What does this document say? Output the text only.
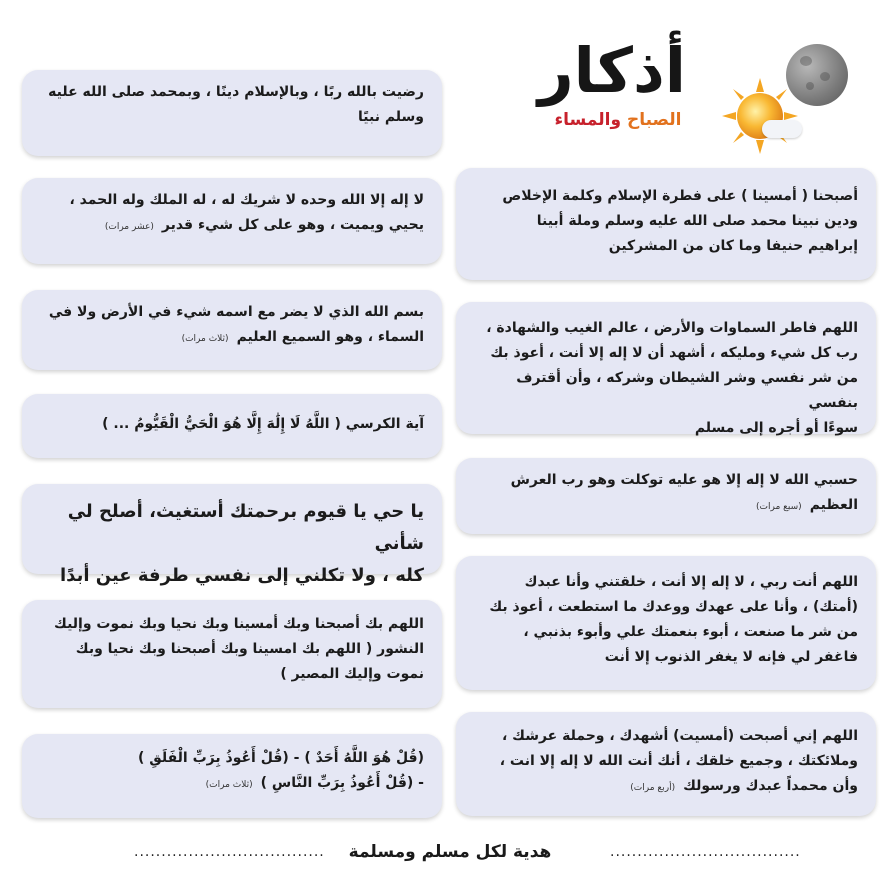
أذكار
الصباح والمساء
رضيت بالله ربًا ، وبالإسلام دينًا ، وبمحمد صلى الله عليه
وسلم نبيًا
لا إله إلا الله وحده لا شريك له ، له الملك وله الحمد ،
يحيي ويميت ، وهو على كل شيء قدير(عشر مرات)
بسم الله الذي لا يضر مع اسمه شيء في الأرض ولا في
السماء ، وهو السميع العليم(ثلاث مرات)
آية الكرسي ( اللَّهُ لَا إِلَٰهَ إِلَّا هُوَ الْحَيُّ الْقَيُّومُ ... )
يا حي يا قيوم برحمتك أستغيث، أصلح لي شأني
كله ، ولا تكلني إلى نفسي طرفة عين أبدًا
اللهم بك أصبحنا وبك أمسينا وبك نحيا وبك نموت وإليك
النشور ( اللهم بك امسينا وبك أصبحنا وبك نحيا وبك
نموت وإليك المصير )
(قُلْ هُوَ اللَّهُ أَحَدٌ ) - (قُلْ أَعُوذُ بِرَبِّ الْفَلَقِ )
- (قُلْ أَعُوذُ بِرَبِّ النَّاسِ )(ثلاث مرات)
أصبحنا ( أمسينا ) على فطرة الإسلام وكلمة الإخلاص
ودين نبينا محمد صلى الله عليه وسلم وملة أبينا
إبراهيم حنيفا وما كان من المشركين
اللهم فاطر السماوات والأرض ، عالم الغيب والشهادة ،
رب كل شيء ومليكه ، أشهد أن لا إله إلا أنت ، أعوذ بك
من شر نفسي وشر الشيطان وشركه ، وأن أقترف بنفسي
سوءًا أو أجره إلى مسلم
حسبي الله لا إله إلا هو عليه توكلت وهو رب العرش
العظيم(سبع مرات)
اللهم أنت ربي ، لا إله إلا أنت ، خلقتني وأنا عبدك
(أمتك) ، وأنا على عهدك ووعدك ما استطعت ، أعوذ بك
من شر ما صنعت ، أبوء بنعمتك علي وأبوء بذنبي ،
فاغفر لي فإنه لا يغفر الذنوب إلا أنت
اللهم إني أصبحت (أمسيت) أشهدك ، وحملة عرشك ،
وملائكتك ، وجميع خلقك ، أنك أنت الله لا إله إلا انت ،
وأن محمداً عبدك ورسولك(أربع مرات)
...................................	هدية لكل مسلم ومسلمة	...................................
